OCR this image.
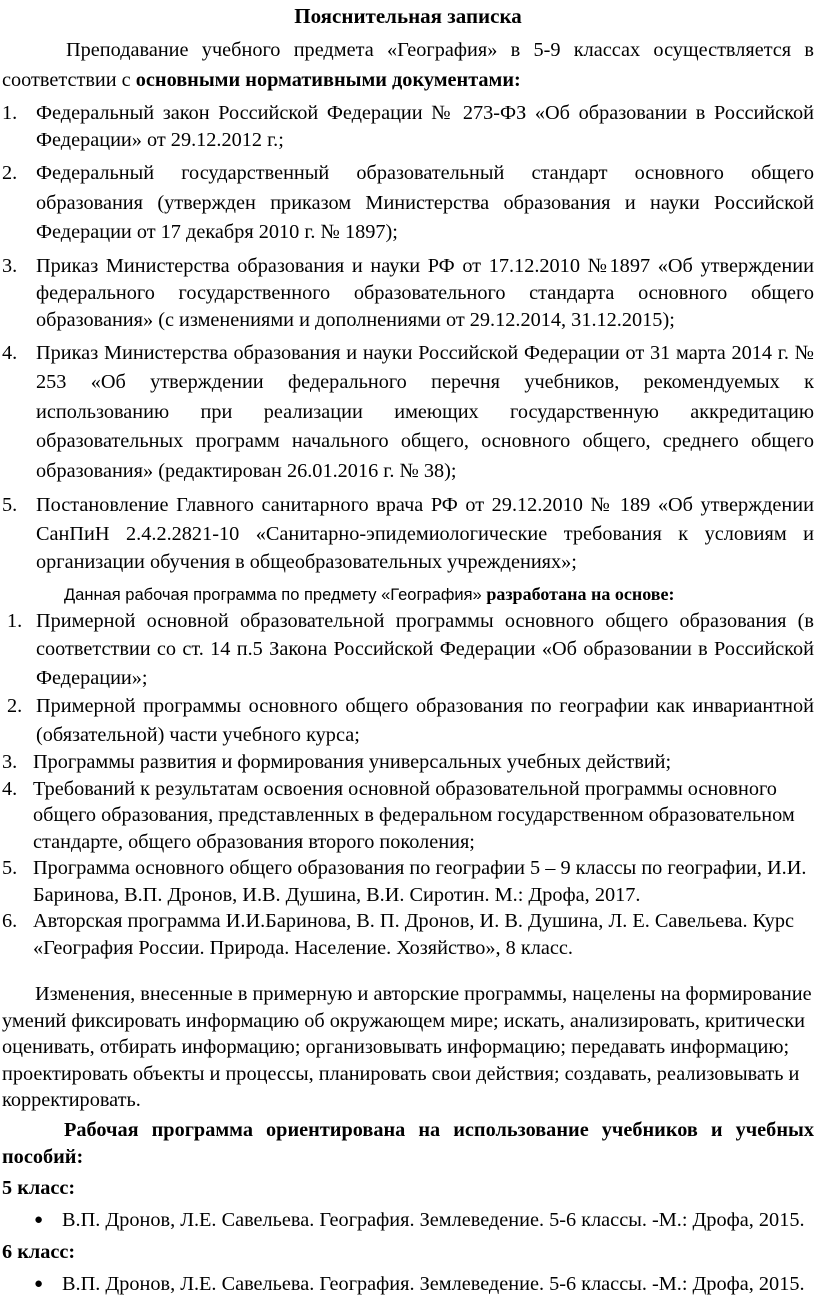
Пояснительная записка

Преподавание учебного предмета «География» в 5-9 классах осуществляется в соответствии с основными нормативными документами:

1. Федеральный закон Российской Федерации № 273-ФЗ «Об образовании в Российской Федерации» от 29.12.2012 г.;
2. Федеральный государственный образовательный стандарт основного общего образования (утвержден приказом Министерства образования и науки Российской Федерации от 17 декабря 2010 г. № 1897);
3. Приказ Министерства образования и науки РФ от 17.12.2010 №1897 «Об утверждении федерального государственного образовательного стандарта основного общего образования» (с изменениями и дополнениями от 29.12.2014, 31.12.2015);
4. Приказ Министерства образования и науки Российской Федерации от 31 марта 2014 г. № 253 «Об утверждении федерального перечня учебников, рекомендуемых к использованию при реализации имеющих государственную аккредитацию образовательных программ начального общего, основного общего, среднего общего образования» (редактирован 26.01.2016 г. № 38);
5. Постановление Главного санитарного врача РФ от 29.12.2010 № 189 «Об утверждении СанПиН 2.4.2.2821-10 «Санитарно-эпидемиологические требования к условиям и организации обучения в общеобразовательных учреждениях»;

Данная рабочая программа по предмету «География» разработана на основе:

1. Примерной основной образовательной программы основного общего образования (в соответствии со ст. 14 п.5 Закона Российской Федерации «Об образовании в Российской Федерации»;
2. Примерной программы основного общего образования по географии как инвариантной (обязательной) части учебного курса;
3. Программы развития и формирования универсальных учебных действий;
4. Требований к результатам освоения основной образовательной программы основного общего образования, представленных в федеральном государственном образовательном стандарте, общего образования второго поколения;
5. Программа основного общего образования по географии 5 – 9 классы по географии, И.И. Баринова, В.П. Дронов, И.В. Душина, В.И. Сиротин. М.: Дрофа, 2017.
6. Авторская программа И.И.Баринова, В. П. Дронов, И. В. Душина, Л. Е. Савельева. Курс «География России. Природа. Население. Хозяйство», 8 класс.

Изменения, внесенные в примерную и авторские программы, нацелены на формирование умений фиксировать информацию об окружающем мире; искать, анализировать, критически оценивать, отбирать информацию; организовывать информацию; передавать информацию; проектировать объекты и процессы, планировать свои действия; создавать, реализовывать и корректировать.

Рабочая программа ориентирована на использование учебников и учебных пособий:

5 класс:
● В.П. Дронов, Л.Е. Савельева. География. Землеведение. 5-6 классы. -М.: Дрофа, 2015.
6 класс:
● В.П. Дронов, Л.Е. Савельева. География. Землеведение. 5-6 классы. -М.: Дрофа, 2015.
